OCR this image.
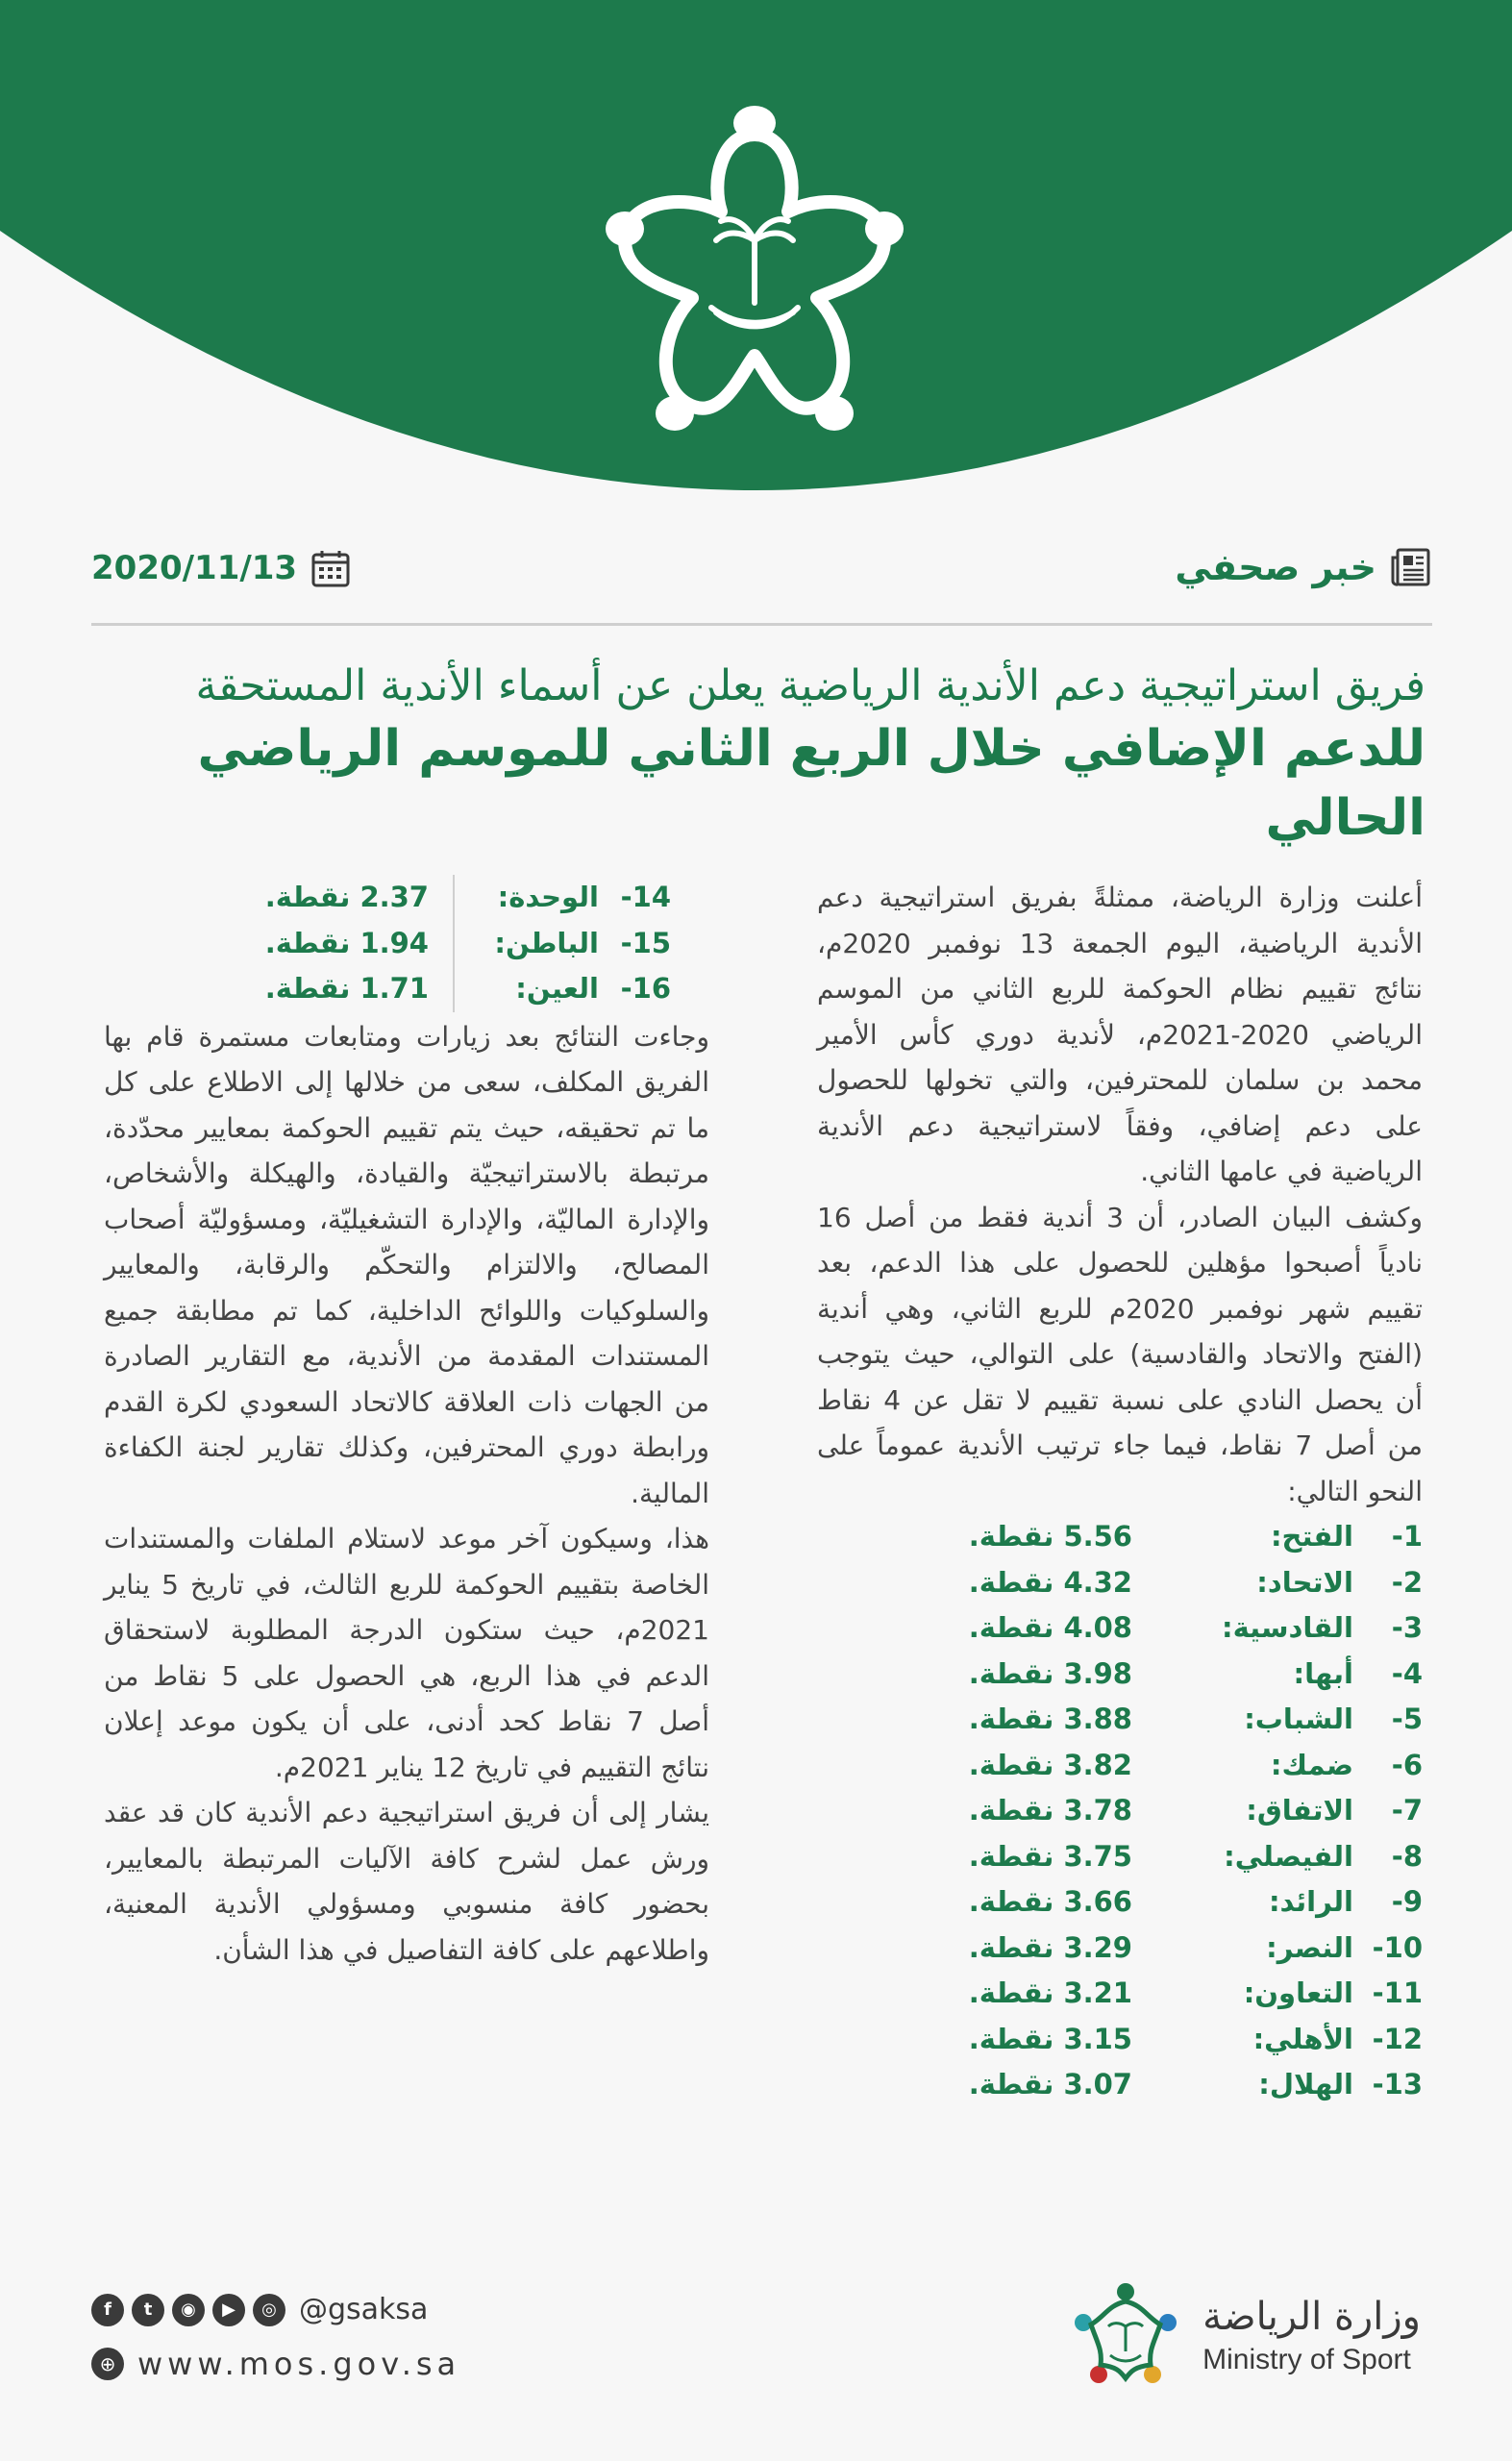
2020/11/13	خبر صحفي
فريق استراتيجية دعم الأندية الرياضية يعلن عن أسماء الأندية المستحقة
للدعم الإضافي خلال الربع الثاني للموسم الرياضي الحالي

أعلنت وزارة الرياضة، ممثلةً بفريق استراتيجية دعم الأندية الرياضية، اليوم الجمعة 13 نوفمبر 2020م، نتائج تقييم نظام الحوكمة للربع الثاني من الموسم الرياضي 2020-2021م، لأندية دوري كأس الأمير محمد بن سلمان للمحترفين، والتي تخولها للحصول على دعم إضافي، وفقاً لاستراتيجية دعم الأندية الرياضية في عامها الثاني.

وكشف البيان الصادر، أن 3 أندية فقط من أصل 16 نادياً أصبحوا مؤهلين للحصول على هذا الدعم، بعد تقييم شهر نوفمبر 2020م للربع الثاني، وهي أندية (الفتح والاتحاد والقادسية) على التوالي، حيث يتوجب أن يحصل النادي على نسبة تقييم لا تقل عن 4 نقاط من أصل 7 نقاط، فيما جاء ترتيب الأندية عموماً على النحو التالي:

1-	الفتح:	5.56 نقطة.
2-	الاتحاد:	4.32 نقطة.
3-	القادسية:	4.08 نقطة.
4-	أبها:	3.98 نقطة.
5-	الشباب:	3.88 نقطة.
6-	ضمك:	3.82 نقطة.
7-	الاتفاق:	3.78 نقطة.
8-	الفيصلي:	3.75 نقطة.
9-	الرائد:	3.66 نقطة.
10-	النصر:	3.29 نقطة.
11-	التعاون:	3.21 نقطة.
12-	الأهلي:	3.15 نقطة.
13-	الهلال:	3.07 نقطة.
14-	الوحدة:	2.37 نقطة.
15-	الباطن:	1.94 نقطة.
16-	العين:	1.71 نقطة.

وجاءت النتائج بعد زيارات ومتابعات مستمرة قام بها الفريق المكلف، سعى من خلالها إلى الاطلاع على كل ما تم تحقيقه، حيث يتم تقييم الحوكمة بمعايير محدّدة، مرتبطة بالاستراتيجيّة والقيادة، والهيكلة والأشخاص، والإدارة الماليّة، والإدارة التشغيليّة، ومسؤوليّة أصحاب المصالح، والالتزام والتحكّم والرقابة، والمعايير والسلوكيات واللوائح الداخلية، كما تم مطابقة جميع المستندات المقدمة من الأندية، مع التقارير الصادرة من الجهات ذات العلاقة كالاتحاد السعودي لكرة القدم ورابطة دوري المحترفين، وكذلك تقارير لجنة الكفاءة المالية.

هذا، وسيكون آخر موعد لاستلام الملفات والمستندات الخاصة بتقييم الحوكمة للربع الثالث، في تاريخ 5 يناير 2021م، حيث ستكون الدرجة المطلوبة لاستحقاق الدعم في هذا الربع، هي الحصول على 5 نقاط من أصل 7 نقاط كحد أدنى، على أن يكون موعد إعلان نتائج التقييم في تاريخ 12 يناير 2021م.

يشار إلى أن فريق استراتيجية دعم الأندية كان قد عقد ورش عمل لشرح كافة الآليات المرتبطة بالمعايير، بحضور كافة منسوبي ومسؤولي الأندية المعنية، واطلاعهم على كافة التفاصيل في هذا الشأن.

f	t	◉	▶	◎ @gsaksa
⊕ www.mos.gov.sa
وزارة الرياضة
Ministry of Sport
